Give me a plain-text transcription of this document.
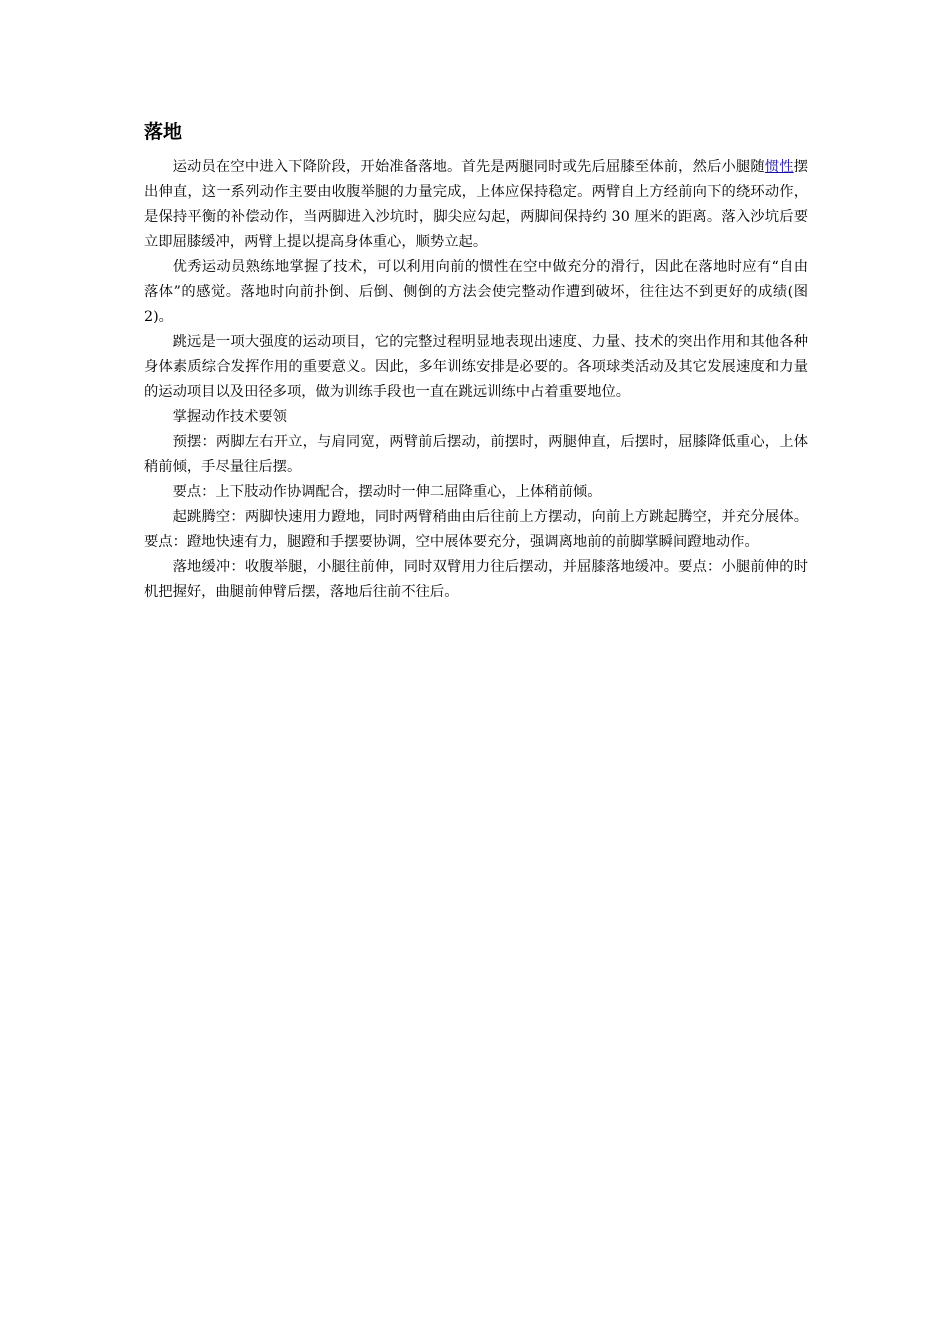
落地

运动员在空中进入下降阶段，开始准备落地。首先是两腿同时或先后屈膝至体前，然后小腿随惯性摆出伸直，这一系列动作主要由收腹举腿的力量完成，上体应保持稳定。两臂自上方经前向下的绕环动作，是保持平衡的补偿动作，当两脚进入沙坑时，脚尖应勾起，两脚间保持约 30 厘米的距离。落入沙坑后要立即屈膝缓冲，两臂上提以提高身体重心，顺势立起。

优秀运动员熟练地掌握了技术，可以利用向前的惯性在空中做充分的滑行，因此在落地时应有“自由落体”的感觉。落地时向前扑倒、后倒、侧倒的方法会使完整动作遭到破坏，往往达不到更好的成绩(图 2)。

跳远是一项大强度的运动项目，它的完整过程明显地表现出速度、力量、技术的突出作用和其他各种身体素质综合发挥作用的重要意义。因此，多年训练安排是必要的。各项球类活动及其它发展速度和力量的运动项目以及田径多项，做为训练手段也一直在跳远训练中占着重要地位。

掌握动作技术要领

预摆：两脚左右开立，与肩同宽，两臂前后摆动，前摆时，两腿伸直，后摆时，屈膝降低重心，上体稍前倾，手尽量往后摆。

要点：上下肢动作协调配合，摆动时一伸二屈降重心，上体稍前倾。

起跳腾空：两脚快速用力蹬地，同时两臂稍曲由后往前上方摆动，向前上方跳起腾空，并充分展体。要点：蹬地快速有力，腿蹬和手摆要协调，空中展体要充分，强调离地前的前脚掌瞬间蹬地动作。

落地缓冲：收腹举腿，小腿往前伸，同时双臂用力往后摆动，并屈膝落地缓冲。要点：小腿前伸的时机把握好，曲腿前伸臂后摆，落地后往前不往后。
